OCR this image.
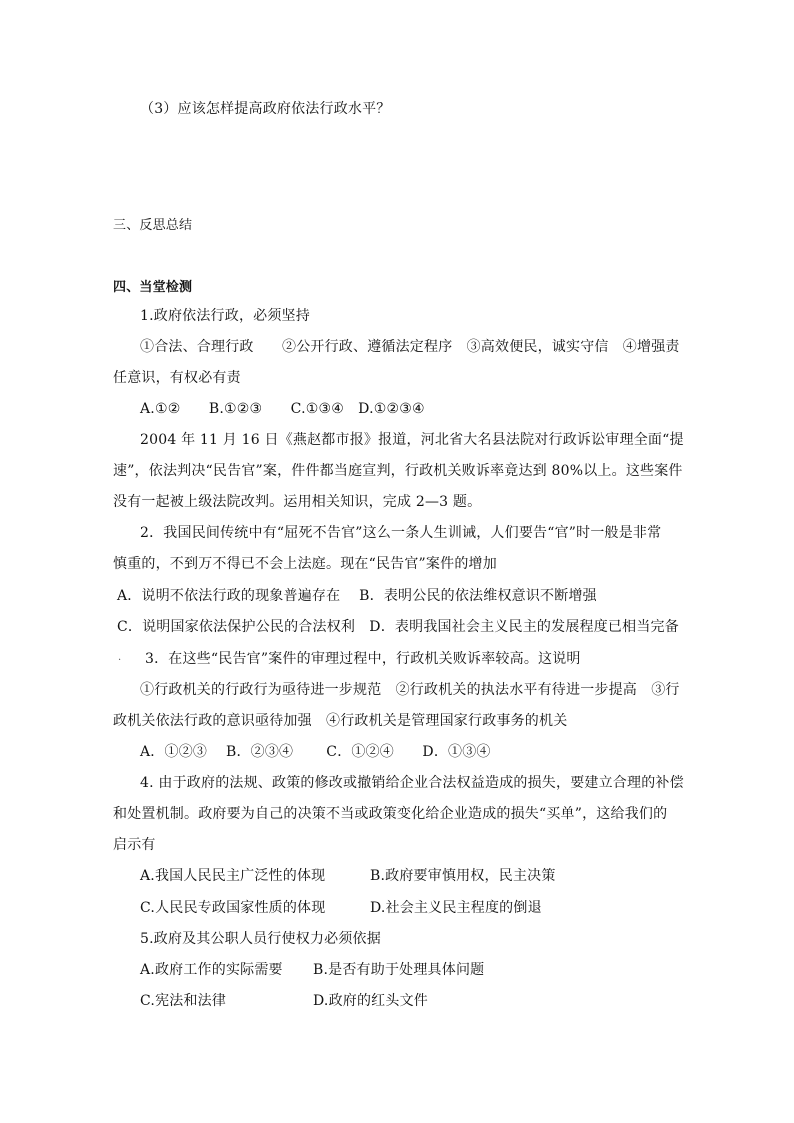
（3）应该怎样提高政府依法行政水平？
三、反思总结
四、当堂检测
1.政府依法行政，必须坚持
①合法、合理行政　　②公开行政、遵循法定程序　③高效便民，诚实守信　④增强责
任意识，有权必有责
A.①②　　B.①②③　　C.①③④　D.①②③④
2004 年 11 月 16 日《燕赵都市报》报道，河北省大名县法院对行政诉讼审理全面“提
速”，依法判决“民告官”案，件件都当庭宣判，行政机关败诉率竟达到 80%以上。这些案件
没有一起被上级法院改判。运用相关知识，完成 2—3 题。
2．我国民间传统中有“屈死不告官”这么一条人生训诫，人们要告“官”时一般是非常
慎重的，不到万不得已不会上法庭。现在“民告官”案件的增加
A．说明不依法行政的现象普遍存在　 B．表明公民的依法维权意识不断增强
C．说明国家依法保护公民的合法权利　D．表明我国社会主义民主的发展程度已相当完备
. 3．在这些“民告官”案件的审理过程中，行政机关败诉率较高。这说明
①行政机关的行政行为亟待进一步规范　②行政机关的执法水平有待进一步提高　③行
政机关依法行政的意识亟待加强　④行政机关是管理国家行政事务的机关
A．①②③　 B．②③④　　 C．①②④　　D．①③④
4. 由于政府的法规、政策的修改或撤销给企业合法权益造成的损失，要建立合理的补偿
和处置机制。政府要为自己的决策不当或政策变化给企业造成的损失“买单”，这给我们的
启示有
A.我国人民民主广泛性的体现	B.政府要审慎用权，民主决策
C.人民民专政国家性质的体现	D.社会主义民主程度的倒退
5.政府及其公职人员行使权力必须依据
A.政府工作的实际需要 B.是否有助于处理具体问题
C.宪法和法律	D.政府的红头文件
